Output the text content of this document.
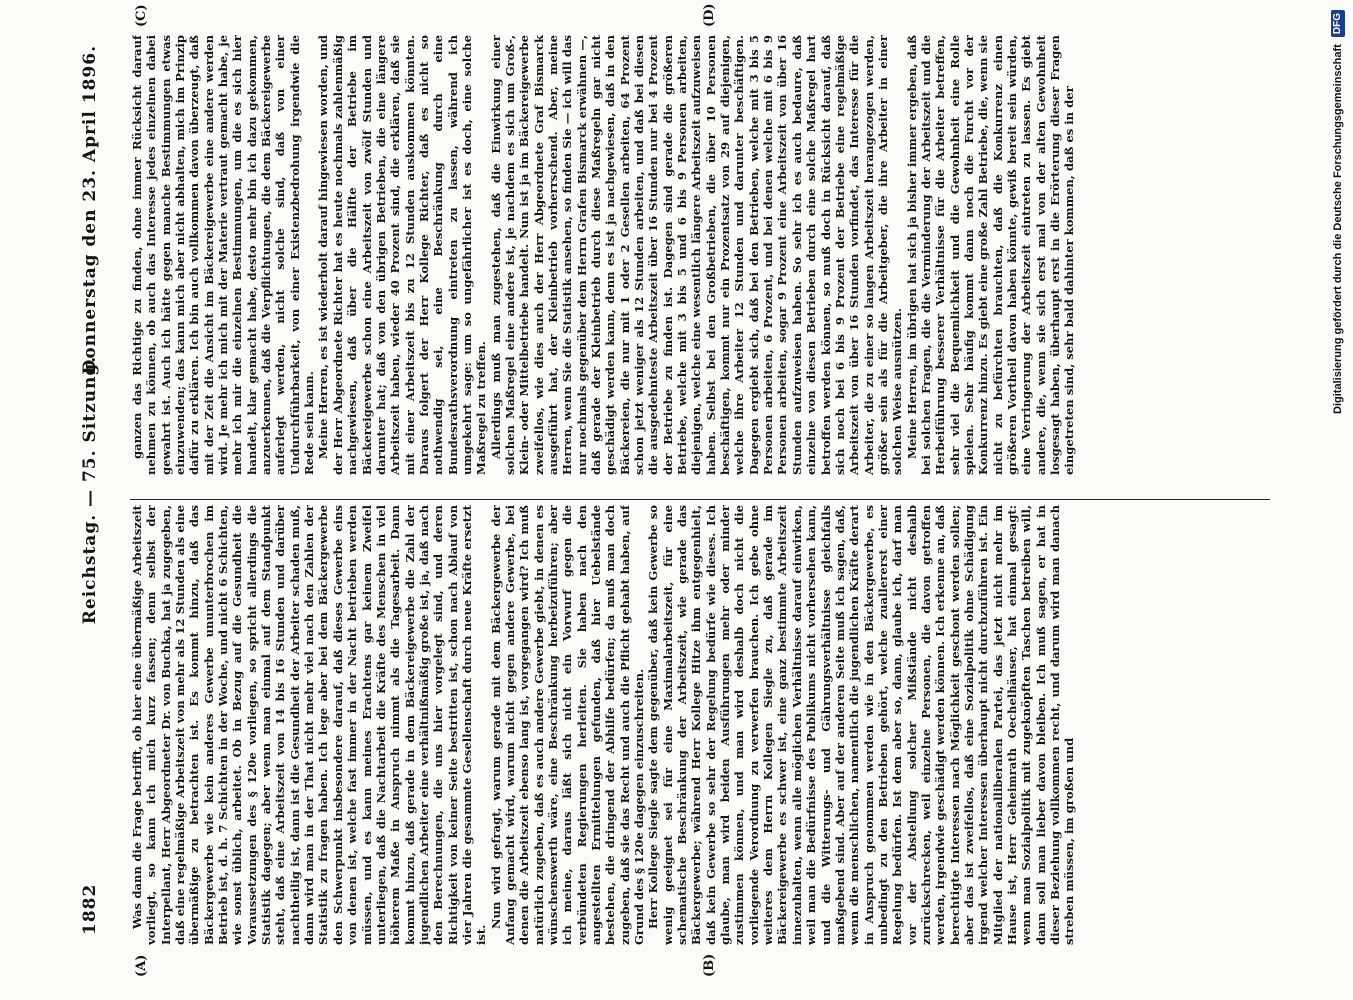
1882
Reichstag. — 75. Sitzung.
Donnerstag den 23. April 1896.
(A)	(B)
(C)	(D)

Was dann die Frage betrifft, ob hier eine übermäßige Arbeitszeit vorliegt, so kann ich mich kurz fassen; denn selbst der Interpellant, Herr Abgeordneter Dr. von Buchka, hat ja zugegeben, daß eine regelmäßige Arbeitszeit von mehr als 12 Stunden als eine übermäßige zu betrachten ist. Es kommt hinzu, daß das Bäckergewerbe wie kein anderes Gewerbe ununterbrochen im Betrieb ist, d. h. 7 Schichten in der Woche, und nicht 6 Schichten, wie sonst üblich, arbeitet. Ob in Bezug auf die Gesundheit die Voraussetzungen des § 120e vorliegen, so spricht allerdings die Statistik dagegen; aber wenn man einmal auf dem Standpunkt steht, daß eine Arbeitszeit von 14 bis 16 Stunden und darüber nachtheilig ist, dann ist die Gesundheit der Arbeiter schaden muß, dann wird man in der That nicht mehr viel nach den Zahlen der Statistik zu fragen haben. Ich lege aber bei dem Bäckergewerbe den Schwerpunkt insbesondere darauf, daß dieses Gewerbe eins von denen ist, welche fast immer in der Nacht betrieben werden müssen, und es kann meines Erachtens gar keinem Zweifel unterliegen, daß die Nachtarbeit die Kräfte des Menschen in viel höherem Maße in Anspruch nimmt als die Tagesarbeit. Dann kommt hinzu, daß gerade in dem Bäckereigewerbe die Zahl der jugendlichen Arbeiter eine verhältnißmäßig große ist, ja, daß nach den Berechnungen, die uns hier vorgelegt sind, und deren Richtigkeit von keiner Seite bestritten ist, schon nach Ablauf von vier Jahren die gesammte Gesellenschaft durch neue Kräfte ersetzt ist.

Nun wird gefragt, warum gerade mit dem Bäckergewerbe der Anfang gemacht wird, warum nicht gegen andere Gewerbe, bei denen die Arbeitszeit ebenso lang ist, vorgegangen wird? Ich muß natürlich zugeben, daß es auch andere Gewerbe giebt, in denen es wünschenswerth wäre, eine Beschränkung herbeizuführen; aber ich meine, daraus läßt sich nicht ein Vorwurf gegen die verbündeten Regierungen herleiten. Sie haben nach den angestellten Ermittelungen gefunden, daß hier Uebelstände bestehen, die dringend der Abhilfe bedürfen; da muß man doch zugeben, daß sie das Recht und auch die Pflicht gehabt haben, auf Grund des § 120e dagegen einzuschreiten. Herr Kollege Siegle sagte dem gegenüber, daß kein Gewerbe so wenig geeignet sei für eine Maximalarbeitszeit, für eine schematische Beschränkung der Arbeitszeit, wie gerade das Bäckergewerbe; während Herr Kollege Hitze ihm entgegenhielt, daß kein Gewerbe so sehr der Regelung bedürfe wie dieses. Ich glaube, man wird beiden Ausführungen mehr oder minder zustimmen können, und man wird deshalb doch nicht die vorliegende Verordnung zu verwerfen brauchen. Ich gebe ohne weiteres dem Herrn Kollegen Siegle zu, daß gerade im Bäckereigewerbe es schwer ist, eine ganz bestimmte Arbeitszeit innezuhalten, wenn alle möglichen Verhältnisse darauf einwirken, weil man die Bedürfnisse des Publikums nicht vorhersehen kann, und die Witterungs- und Gährungsverhältnisse gleichfalls maßgebend sind. Aber auf der anderen Seite muß ich sagen, daß, wenn die menschlichen, namentlich die jugendlichen Kräfte derart in Anspruch genommen werden wie in den Bäckergewerbe, es unbedingt zu den Betrieben gehört, welche zuallererst einer Regelung bedürfen. Ist dem aber so, dann, glaube ich, darf man vor der Abstellung solcher Mißstände nicht deshalb zurückschrecken, weil einzelne Personen, die davon getroffen werden, irgendwie geschädigt werden können. Ich erkenne an, daß berechtigte Interessen nach Möglichkeit geschont werden sollen; aber das ist zweifellos, daß eine Sozialpolitik ohne Schädigung irgend welcher Interessen überhaupt nicht durchzuführen ist. Ein Mitglied der nationalliberalen Partei, das jetzt nicht mehr im Hause ist, Herr Geheimrath Oechelhäuser, hat einmal gesagt: wenn man Sozialpolitik mit zugeknöpften Taschen betreiben will, dann soll man lieber davon bleiben. Ich muß sagen, er hat in dieser Beziehung vollkommen recht, und darum wird man danach streben müssen, im großen und

ganzen das Richtige zu finden, ohne immer Rücksicht darauf nehmen zu können, ob auch das Interesse jedes einzelnen dabei gewahrt ist. Auch ich hätte gegen manche Bestimmungen etwas einzuwenden; das kann mich aber nicht abhalten, mich im Prinzip dafür zu erklären. Ich bin auch vollkommen davon überzeugt, daß mit der Zeit die Ansicht im Bäckereigewerbe eine andere werden wird. Je mehr ich mich mit der Materie vertraut gemacht habe, je mehr ich mir die einzelnen Bestimmungen, um die es sich hier handelt, klar gemacht habe, desto mehr bin ich dazu gekommen, anzuerkennen, daß die Verpflichtungen, die dem Bäckereigewerbe auferlegt werden, nicht solche sind, daß von einer Undurchführbarkeit, von einer Existenzbedrohung irgendwie die Rede sein kann. Meine Herren, es ist wiederholt darauf hingewiesen worden, und der Herr Abgeordnete Richter hat es heute nochmals zahlenmäßig nachgewiesen, daß über die Hälfte der Betriebe im Bäckereigewerbe schon eine Arbeitszeit von zwölf Stunden und darunter hat; daß von den übrigen Betrieben, die eine längere Arbeitszeit haben, wieder 40 Prozent sind, die erklären, daß sie mit einer Arbeitszeit bis zu 12 Stunden auskommen könnten. Daraus folgert der Herr Kollege Richter, daß es nicht so nothwendig sei, eine Beschränkung durch eine Bundesrathsverordnung eintreten zu lassen, während ich umgekehrt sage: um so ungefährlicher ist es doch, eine solche Maßregel zu treffen. Allerdings muß man zugestehen, daß die Einwirkung einer solchen Maßregel eine andere ist, je nachdem es sich um Groß-, Klein- oder Mittelbetriebe handelt. Nun ist ja im Bäckereigewerbe zweifellos, wie dies auch der Herr Abgeordnete Graf Bismarck ausgeführt hat, der Kleinbetrieb vorherrschend. Aber, meine Herren, wenn Sie die Statistik ansehen, so finden Sie — ich will das nur nochmals gegenüber dem Herrn Grafen Bismarck erwähnen —, daß gerade der Kleinbetrieb durch diese Maßregeln gar nicht geschädigt werden kann, denn es ist ja nachgewiesen, daß in den Bäckereien, die nur mit 1 oder 2 Gesellen arbeiten, 64 Prozent schon jetzt weniger als 12 Stunden arbeiten, und daß bei diesen die ausgedehnteste Arbeitszeit über 16 Stunden nur bei 4 Prozent der Betriebe zu finden ist. Dagegen sind gerade die größeren Betriebe, welche mit 3 bis 5 und 6 bis 9 Personen arbeiten, diejenigen, welche eine wesentlich längere Arbeitszeit aufzuweisen haben. Selbst bei den Großbetrieben, die über 10 Personen beschäftigen, kommt nur ein Prozentsatz von 29 auf diejenigen, welche ihre Arbeiter 12 Stunden und darunter beschäftigen. Dagegen ergiebt sich, daß bei den Betrieben, welche mit 3 bis 5 Personen arbeiten, 6 Prozent, und bei denen welche mit 6 bis 9 Personen arbeiten, sogar 9 Prozent eine Arbeitszeit von über 16 Stunden aufzuweisen haben. So sehr ich es auch bedaure, daß einzelne von diesen Betrieben durch eine solche Maßregel hart betroffen werden können, so muß doch in Rücksicht darauf, daß sich noch bei 6 bis 9 Prozent der Betriebe eine regelmäßige Arbeitszeit von über 16 Stunden vorfindet, das Interesse für die Arbeiter, die zu einer so langen Arbeitszeit herangezogen werden, größer sein als für die Arbeitgeber, die ihre Arbeiter in einer solchen Weise ausnützen. Meine Herren, im übrigen hat sich ja bisher immer ergeben, daß bei solchen Fragen, die die Verminderung der Arbeitszeit und die Herbeiführung besserer Verhältnisse für die Arbeiter betreffen, sehr viel die Bequemlichkeit und die Gewohnheit eine Rolle spielen. Sehr häufig kommt dann noch die Furcht vor der Konkurrenz hinzu. Es giebt eine große Zahl Betriebe, die, wenn sie nicht zu befürchten brauchten, daß die Konkurrenz einen größeren Vortheil davon haben könnte, gewiß bereit sein würden, eine Verringerung der Arbeitszeit eintreten zu lassen. Es giebt andere, die, wenn sie sich erst mal von der alten Gewohnheit losgesagt haben, überhaupt erst in die Erörterung dieser Fragen eingetreten sind, sehr bald dahinter kommen, daß es in der	Digitalisierung gefördert durch die Deutsche Forschungsgemeinschaft DFG
